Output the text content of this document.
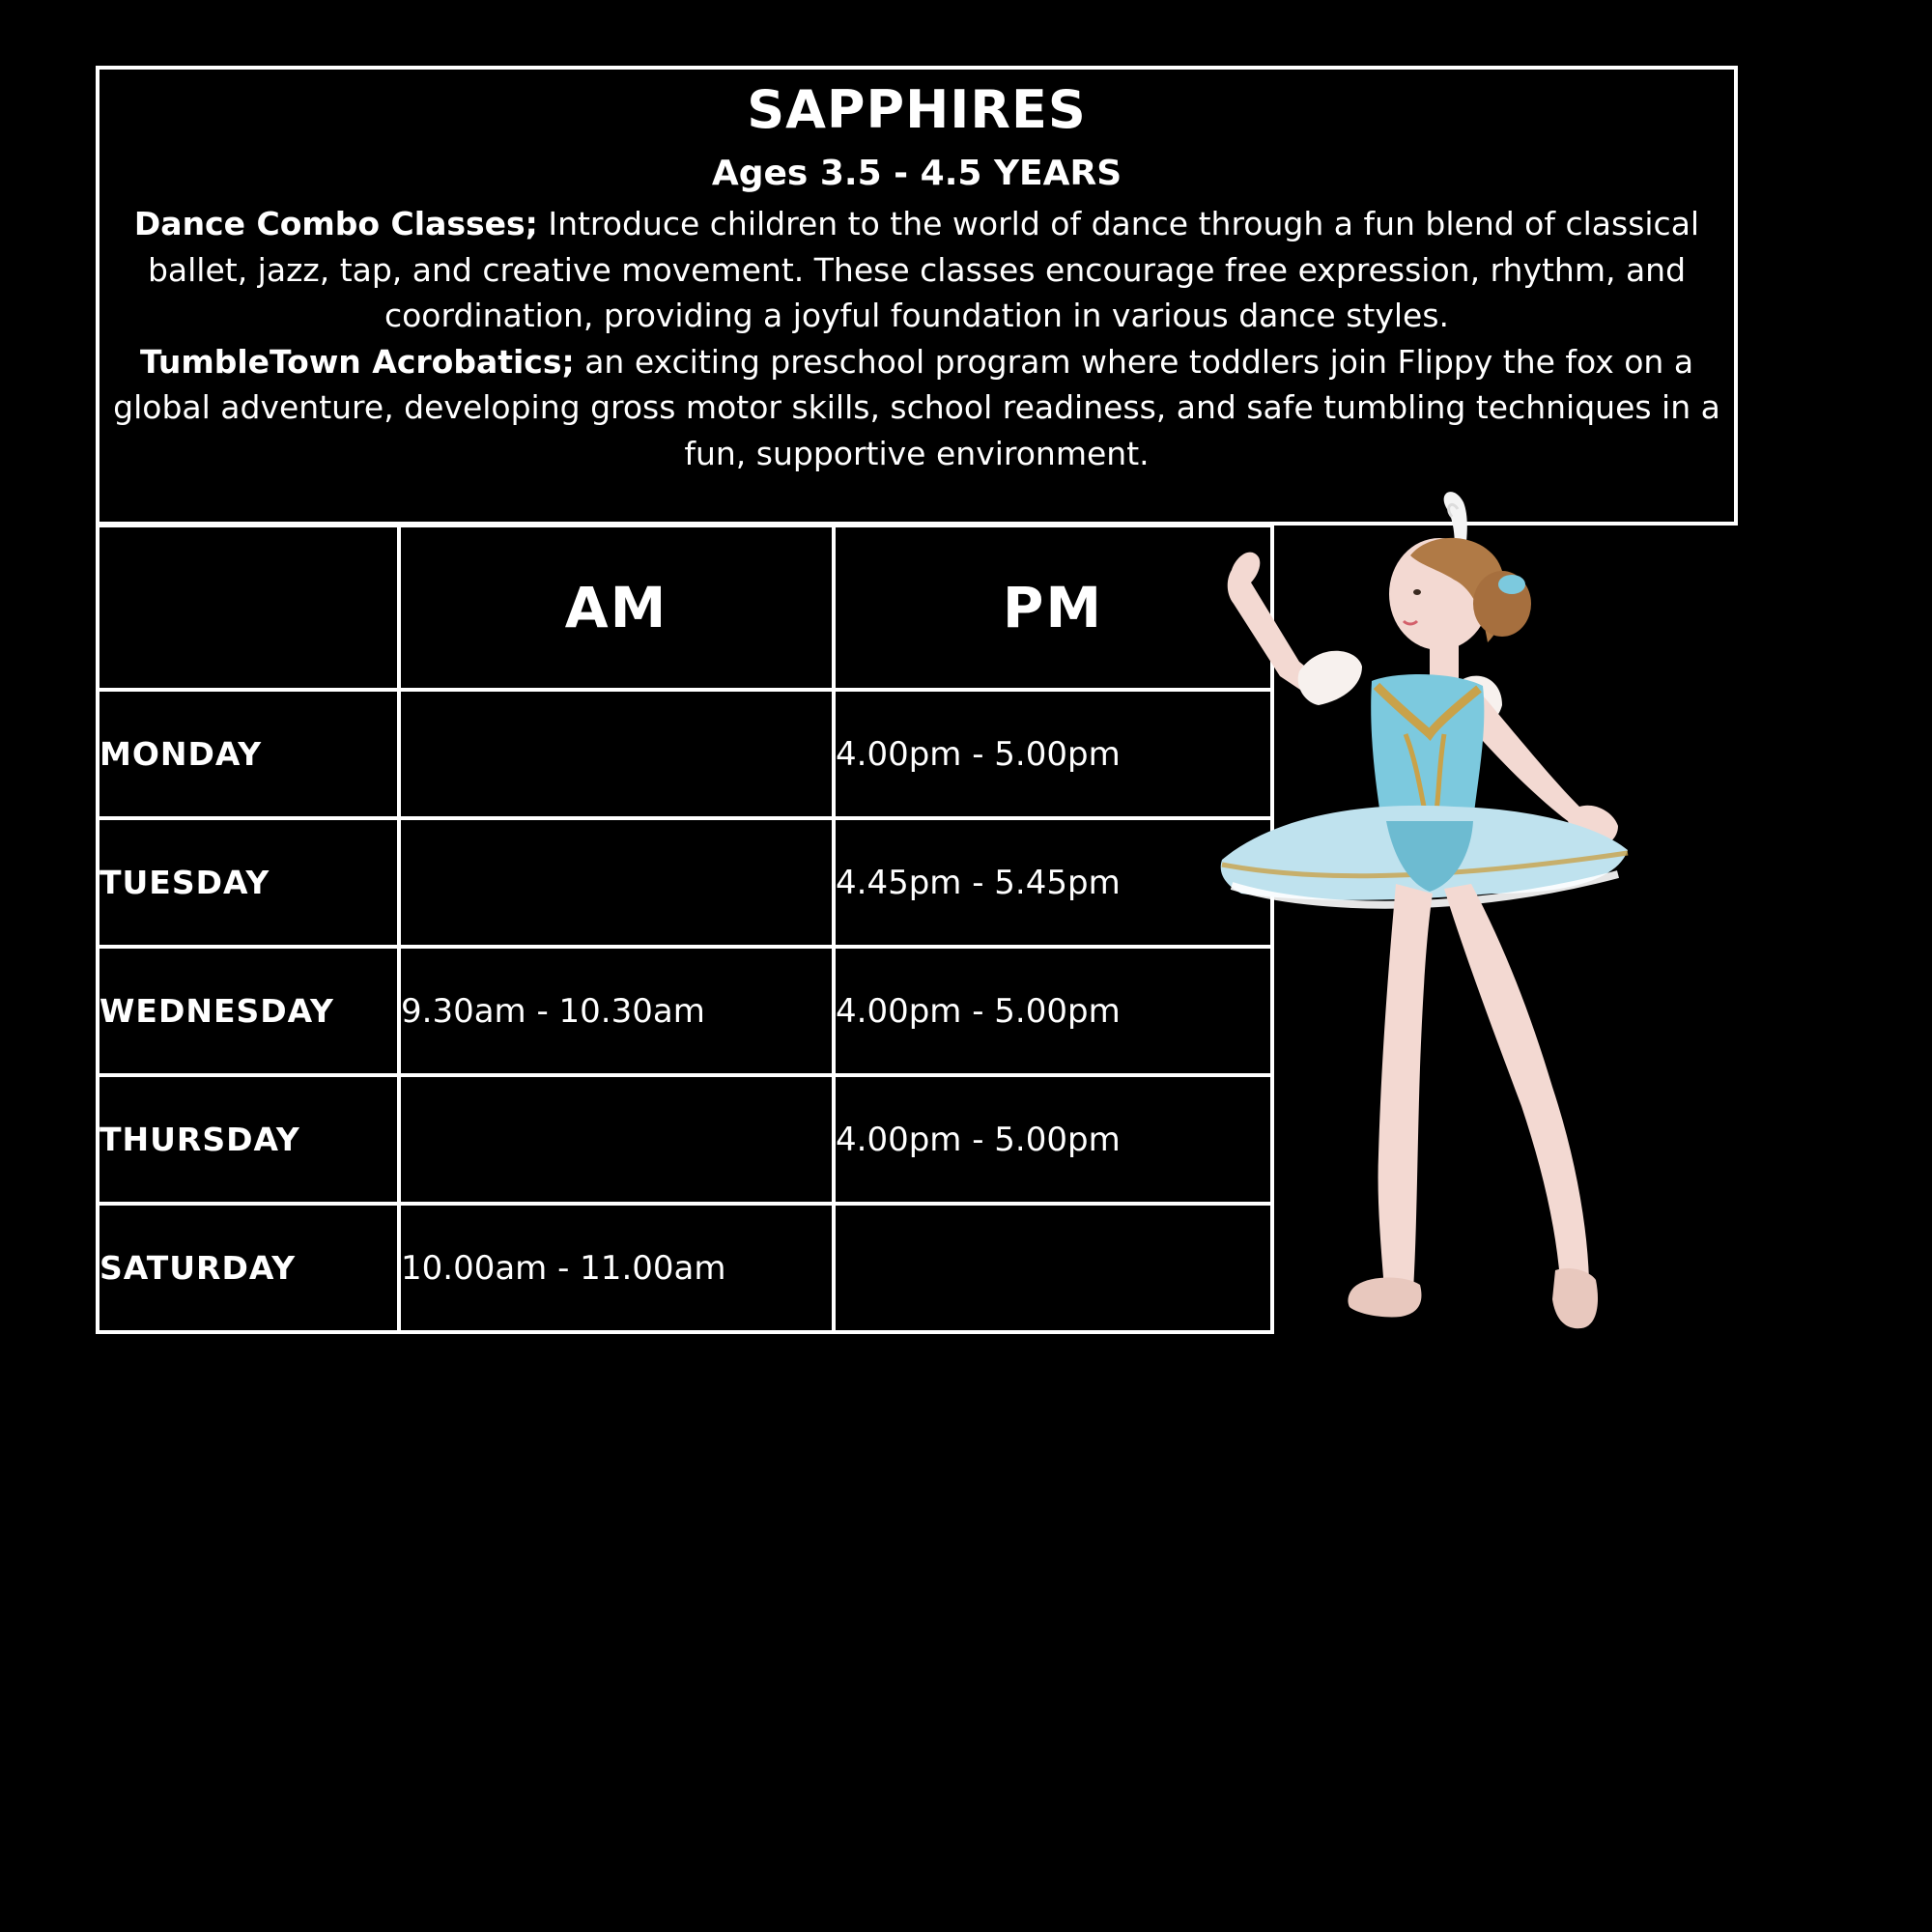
SAPPHIRES
Ages 3.5 - 4.5 YEARS

Dance Combo Classes; Introduce children to the world of dance through a fun blend of classical ballet, jazz, tap, and creative movement. These classes encourage free expression, rhythm, and coordination, providing a joyful foundation in various dance styles.

TumbleTown Acrobatics; an exciting preschool program where toddlers join Flippy the fox on a global adventure, developing gross motor skills, school readiness, and safe tumbling techniques in a fun, supportive environment.

	AM	PM
MONDAY		4.00pm - 5.00pm
TUESDAY		4.45pm - 5.45pm
WEDNESDAY	9.30am - 10.30am	4.00pm - 5.00pm
THURSDAY		4.00pm - 5.00pm
SATURDAY	10.00am - 11.00am	
